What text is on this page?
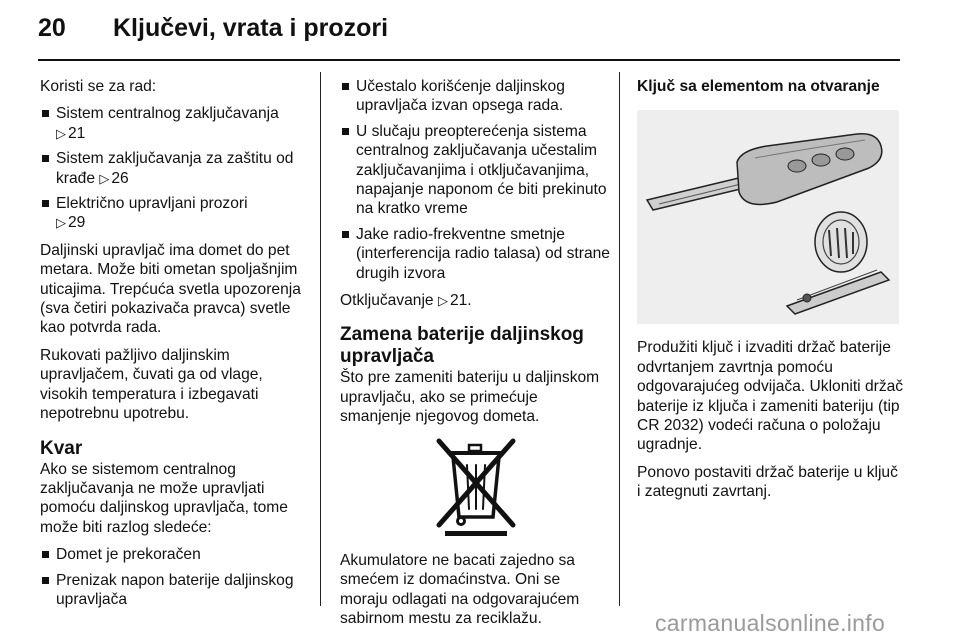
20 Ključevi, vrata i prozori

Koristi se za rad:

Sistem centralnog zaključavanja
▷ 21
Sistem zaključavanja za zaštitu od krađe ▷ 26
Električno upravljani prozori
▷ 29

Daljinski upravljač ima domet do pet metara. Može biti ometan spoljašnjim uticajima. Trepćuća svetla upozorenja (sva četiri pokazivača pravca) svetle kao potvrda rada.

Rukovati pažljivo daljinskim upravljačem, čuvati ga od vlage, visokih temperatura i izbegavati nepotrebnu upotrebu.

Kvar

Ako se sistemom centralnog zaključavanja ne može upravljati pomoću daljinskog upravljača, tome može biti razlog sledeće:

Domet je prekoračen
Prenizak napon baterije daljinskog upravljača
Učestalo korišćenje daljinskog upravljača izvan opsega rada.
U slučaju preopterećenja sistema centralnog zaključavanja učestalim zaključavanjima i otključavanjima, napajanje naponom će biti prekinuto na kratko vreme
Jake radio-frekventne smetnje (interferencija radio talasa) od strane drugih izvora

Otključavanje ▷ 21.

Zamena baterije daljinskog upravljača

Što pre zameniti bateriju u daljinskom upravljaču, ako se primećuje smanjenje njegovog dometa.

Akumulatore ne bacati zajedno sa smećem iz domaćinstva. Oni se moraju odlagati na odgovarajućem sabirnom mestu za reciklažu.

Ključ sa elementom na otvaranje

Produžiti ključ i izvaditi držač baterije odvrtanjem zavrtnja pomoću odgovarajućeg odvijača. Ukloniti držač baterije iz ključa i zameniti bateriju (tip CR 2032) vodeći računa o položaju ugradnje.

Ponovo postaviti držač baterije u ključ i zategnuti zavrtanj.

carmanualsonline.info
